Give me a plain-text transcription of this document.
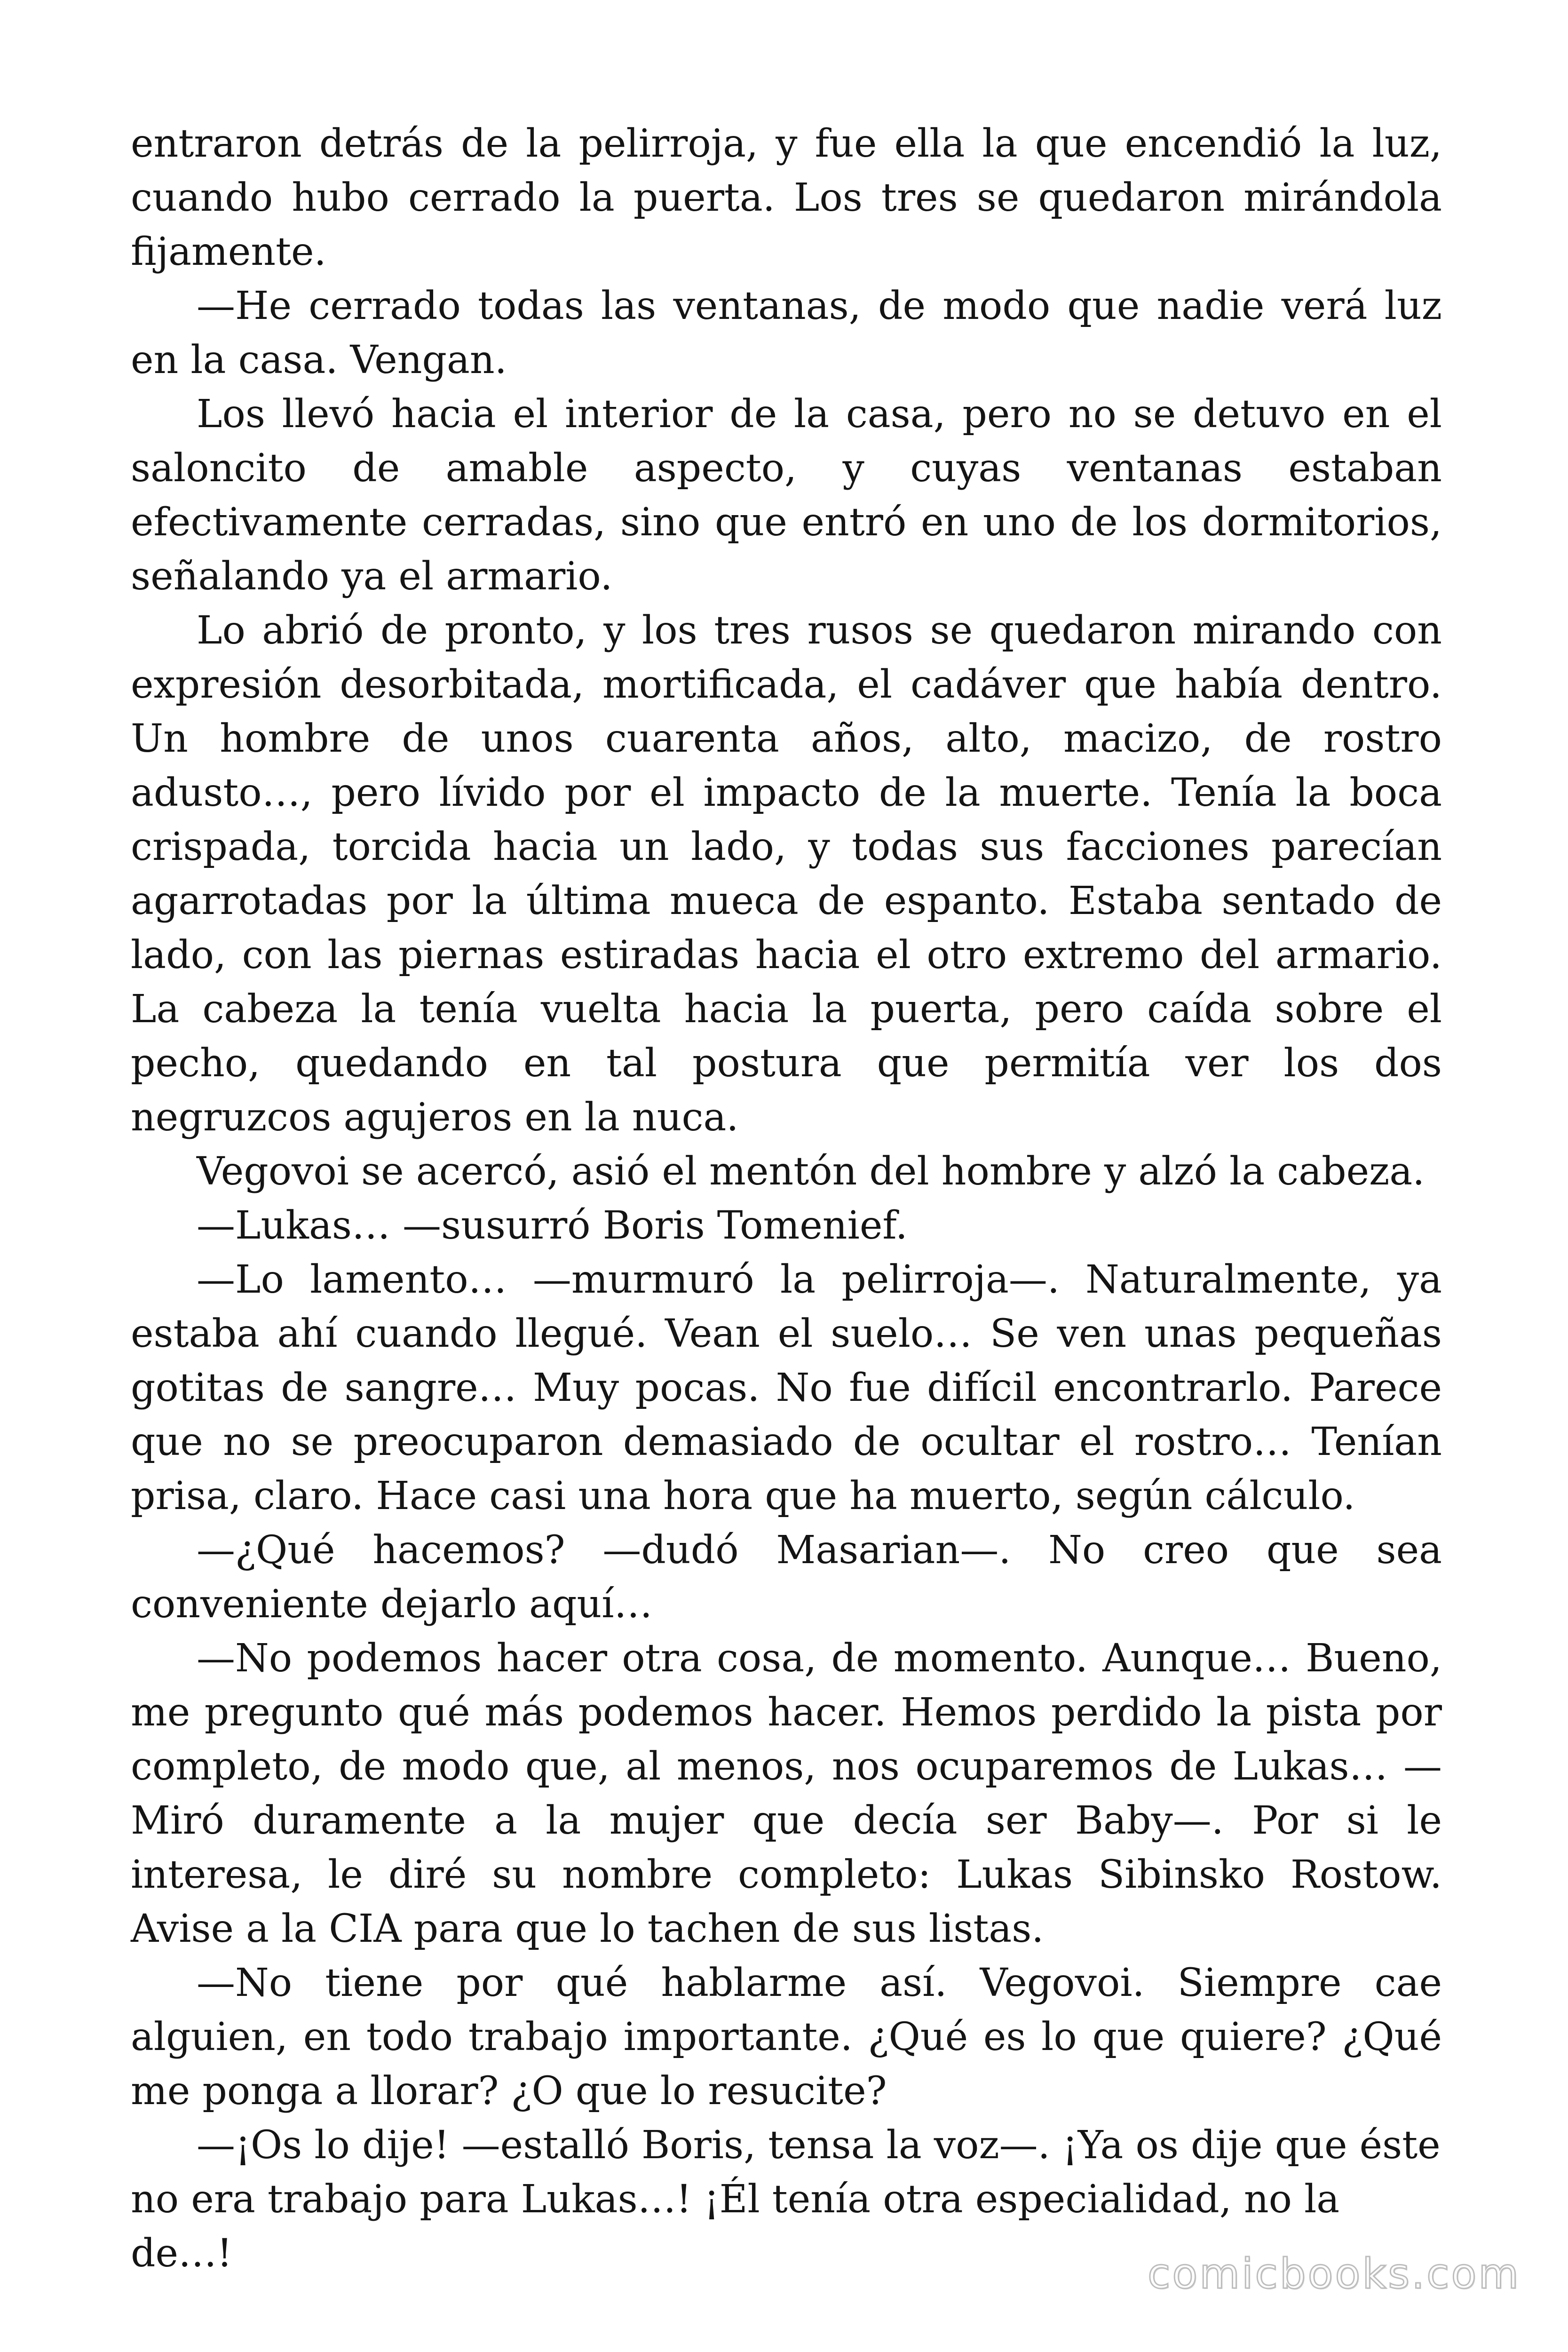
entraron detrás de la pelirroja, y fue ella la que encendió la luz, cuando hubo cerrado la puerta. Los tres se quedaron mirándola fijamente.

—He cerrado todas las ventanas, de modo que nadie verá luz en la casa. Vengan.

Los llevó hacia el interior de la casa, pero no se detuvo en el saloncito de amable aspecto, y cuyas ventanas estaban efectivamente cerradas, sino que entró en uno de los dormitorios, señalando ya el armario.

Lo abrió de pronto, y los tres rusos se quedaron mirando con expresión desorbitada, mortificada, el cadáver que había dentro. Un hombre de unos cuarenta años, alto, macizo, de rostro adusto…, pero lívido por el impacto de la muerte. Tenía la boca crispada, torcida hacia un lado, y todas sus facciones parecían agarrotadas por la última mueca de espanto. Estaba sentado de lado, con las piernas estiradas hacia el otro extremo del armario. La cabeza la tenía vuelta hacia la puerta, pero caída sobre el pecho, quedando en tal postura que permitía ver los dos negruzcos agujeros en la nuca.

Vegovoi se acercó, asió el mentón del hombre y alzó la cabeza.

—Lukas… —susurró Boris Tomenief.

—Lo lamento… —murmuró la pelirroja—. Naturalmente, ya estaba ahí cuando llegué. Vean el suelo… Se ven unas pequeñas gotitas de sangre… Muy pocas. No fue difícil encontrarlo. Parece que no se preocuparon demasiado de ocultar el rostro… Tenían prisa, claro. Hace casi una hora que ha muerto, según cálculo.

—¿Qué hacemos? —dudó Masarian—. No creo que sea conveniente dejarlo aquí…

—No podemos hacer otra cosa, de momento. Aunque… Bueno, me pregunto qué más podemos hacer. Hemos perdido la pista por completo, de modo que, al menos, nos ocuparemos de Lukas… —Miró duramente a la mujer que decía ser Baby—. Por si le interesa, le diré su nombre completo: Lukas Sibinsko Rostow. Avise a la CIA para que lo tachen de sus listas.

—No tiene por qué hablarme así. Vegovoi. Siempre cae alguien, en todo trabajo importante. ¿Qué es lo que quiere? ¿Qué me ponga a llorar? ¿O que lo resucite?

—¡Os lo dije! —estalló Boris, tensa la voz—. ¡Ya os dije que éste no era trabajo para Lukas…! ¡Él tenía otra especialidad, no la de…!	comicbooks.com
